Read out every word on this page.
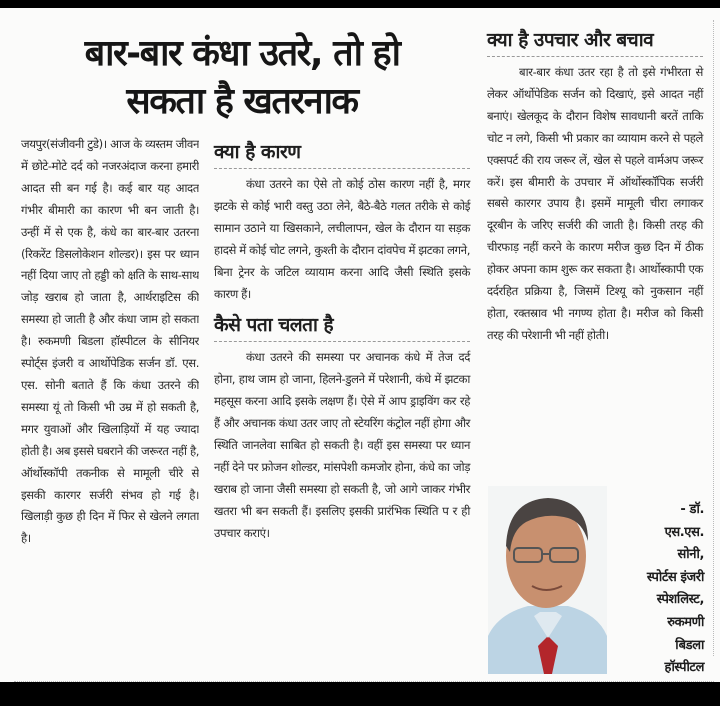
बार-बार कंधा उतरे, तो हो
सकता है खतरनाक
जयपुर(संजीवनी टुडे)। आज के व्यस्तम जीवन में छोटे-मोटे दर्द को नजरअंदाज करना हमारी आदत सी बन गई है। कई बार यह आदत गंभीर बीमारी का कारण भी बन जाती है। उन्हीं में से एक है, कंधे का बार-बार उतरना (रिकरेंट डिसलोकेशन शोल्डर)। इस पर ध्यान नहीं दिया जाए तो हड्डी को क्षति के साथ-साथ जोड़ खराब हो जाता है, आर्थराइटिस की समस्या हो जाती है और कंधा जाम हो सकता है। रुकमणी बिडला हॉस्पीटल के सीनियर स्पोर्ट्स इंजरी व आर्थोपेडिक सर्जन डॉ. एस. एस. सोनी बताते हैं कि कंधा उतरने की समस्या यूं तो किसी भी उम्र में हो सकती है, मगर युवाओं और खिलाड़ियों में यह ज्यादा होती है। अब इससे घबराने की जरूरत नहीं है, ऑर्थोस्कॉपी तकनीक से मामूली चीरे से इसकी कारगर सर्जरी संभव हो गई है। खिलाड़ी कुछ ही दिन में फिर से खेलने लगता है।
क्या है कारण
कंधा उतरने का ऐसे तो कोई ठोस कारण नहीं है, मगर झटके से कोई भारी वस्तु उठा लेने, बैठे-बैठे गलत तरीके से कोई सामान उठाने या खिसकाने, लचीलापन, खेल के दौरान या सड़क हादसे में कोई चोट लगने, कुश्ती के दौरान दांवपेच में झटका लगने, बिना ट्रेनर के जटिल व्यायाम करना आदि जैसी स्थिति इसके कारण हैं।
कैसे पता चलता है
कंधा उतरने की समस्या पर अचानक कंधे में तेज दर्द होना, हाथ जाम हो जाना, हिलने-डुलने में परेशानी, कंधे में झटका महसूस करना आदि इसके लक्षण हैं। ऐसे में आप ड्राइविंग कर रहे हैं और अचानक कंधा उतर जाए तो स्टेयरिंग कंट्रोल नहीं होगा और स्थिति जानलेवा साबित हो सकती है। वहीं इस समस्या पर ध्यान नहीं देने पर फ्रोजन शोल्डर, मांसपेशी कमजोर होना, कंधे का जोड़ खराब हो जाना जैसी समस्या हो सकती है, जो आगे जाकर गंभीर खतरा भी बन सकती हैं। इसलिए इसकी प्रारंभिक स्थिति प र ही उपचार कराएं।
क्या है उपचार और बचाव
बार-बार कंधा उतर रहा है तो इसे गंभीरता से लेकर ऑर्थोपेडिक सर्जन को दिखाएं, इसे आदत नहीं बनाएं। खेलकूद के दौरान विशेष सावधानी बरतें ताकि चोट न लगे, किसी भी प्रकार का व्यायाम करने से पहले एक्सपर्ट की राय जरूर लें, खेल से पहले वार्मअप जरूर करें। इस बीमारी के उपचार में ऑर्थोस्कॉपिक सर्जरी सबसे कारगर उपाय है। इसमें मामूली चीरा लगाकर दूरबीन के जरिए सर्जरी की जाती है। किसी तरह की चीरफाड़ नहीं करने के कारण मरीज कुछ दिन में ठीक होकर अपना काम शुरू कर सकता है। आर्थोस्कापी एक दर्दरहित प्रक्रिया है, जिसमें टिश्यू को नुकसान नहीं होता, रक्तस्राव भी नगण्य होता है। मरीज को किसी तरह की परेशानी भी नहीं होती।
- डॉ.
एस.एस.
सोनी,
स्पोर्टस इंजरी
स्पेशलिस्ट,
रुकमणी
बिडला
हॉस्पीटल
